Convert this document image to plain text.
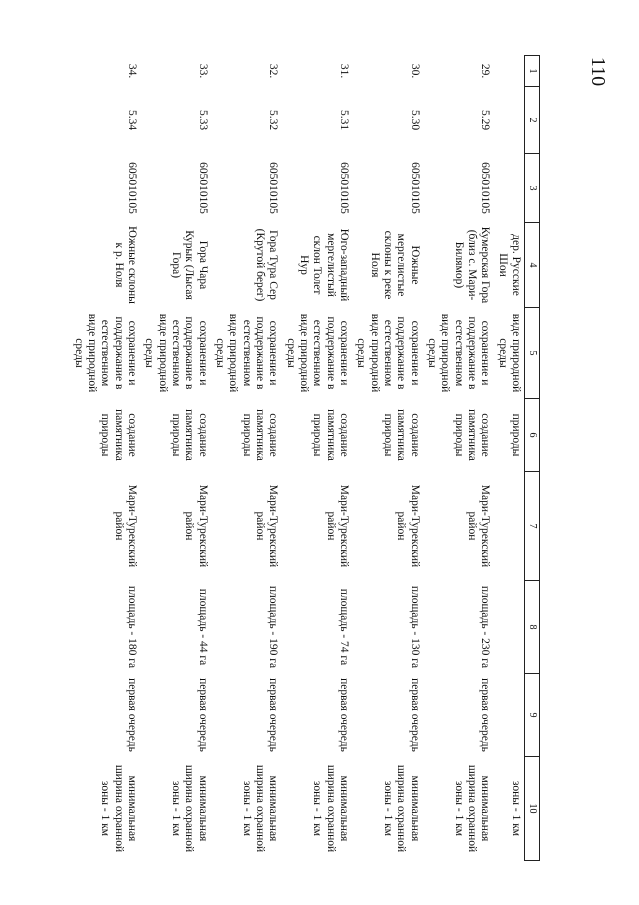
110
1	2	3	4	5	6	7	8	9	10
			дер. Русские Шои	виде природной среды	природы				зоны - 1 км
29.	5.29	605010105	Кумерская Гора (близ с. Мари-Билямор)	сохранение и поддержание в естественном виде природной среды	создание памятника природы	Мари-Турекский район	площадь - 230 га	первая очередь	минимальная ширина охранной зоны - 1 км
30.	5.30	605010105	Южные мергелистые склоны к реке Ноля	сохранение и поддержание в естественном виде природной среды	создание памятника природы	Мари-Турекский район	площадь - 130 га	первая очередь	минимальная ширина охранной зоны - 1 км
31.	5.31	605010105	Юго-западный мергелистый склон Толет Нур	сохранение и поддержание в естественном виде природной среды	создание памятника природы	Мари-Турекский район	площадь - 74 га	первая очередь	минимальная ширина охранной зоны - 1 км
32.	5.32	605010105	Гора Тура Сер (Крутой берег)	сохранение и поддержание в естественном виде природной среды	создание памятника природы	Мари-Турекский район	площадь - 190 га	первая очередь	минимальная ширина охранной зоны - 1 км
33.	5.33	605010105	Гора Чара Курык (Лысая Гора)	сохранение и поддержание в естественном виде природной среды	создание памятника природы	Мари-Турекский район	площадь - 44 га	первая очередь	минимальная ширина охранной зоны - 1 км
34.	5.34	605010105	Южные склоны к р. Ноля	сохранение и поддержание в естественном виде природной среды	создание памятника природы	Мари-Турекский район	площадь - 180 га	первая очередь	минимальная ширина охранной зоны - 1 км
